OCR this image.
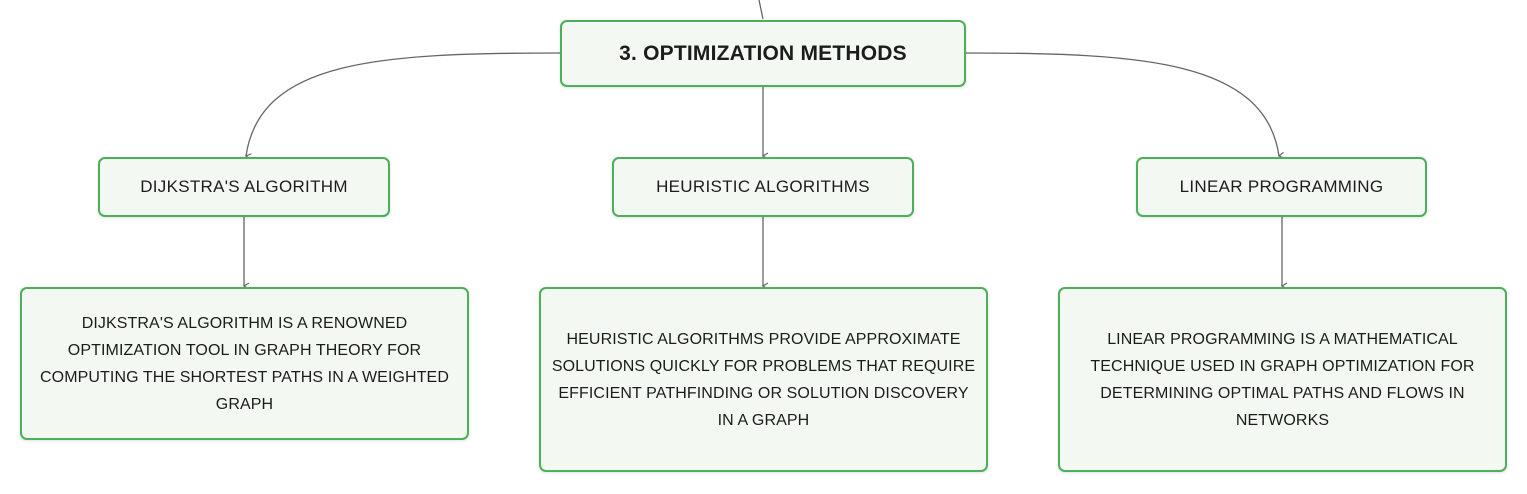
3. OPTIMIZATION METHODS
DIJKSTRA'S ALGORITHM	HEURISTIC ALGORITHMS	LINEAR PROGRAMMING
DIJKSTRA'S ALGORITHM IS A RENOWNED OPTIMIZATION TOOL IN GRAPH THEORY FOR COMPUTING THE SHORTEST PATHS IN A WEIGHTED GRAPH
HEURISTIC ALGORITHMS PROVIDE APPROXIMATE SOLUTIONS QUICKLY FOR PROBLEMS THAT REQUIRE EFFICIENT PATHFINDING OR SOLUTION DISCOVERY IN A GRAPH
LINEAR PROGRAMMING IS A MATHEMATICAL TECHNIQUE USED IN GRAPH OPTIMIZATION FOR DETERMINING OPTIMAL PATHS AND FLOWS IN NETWORKS
